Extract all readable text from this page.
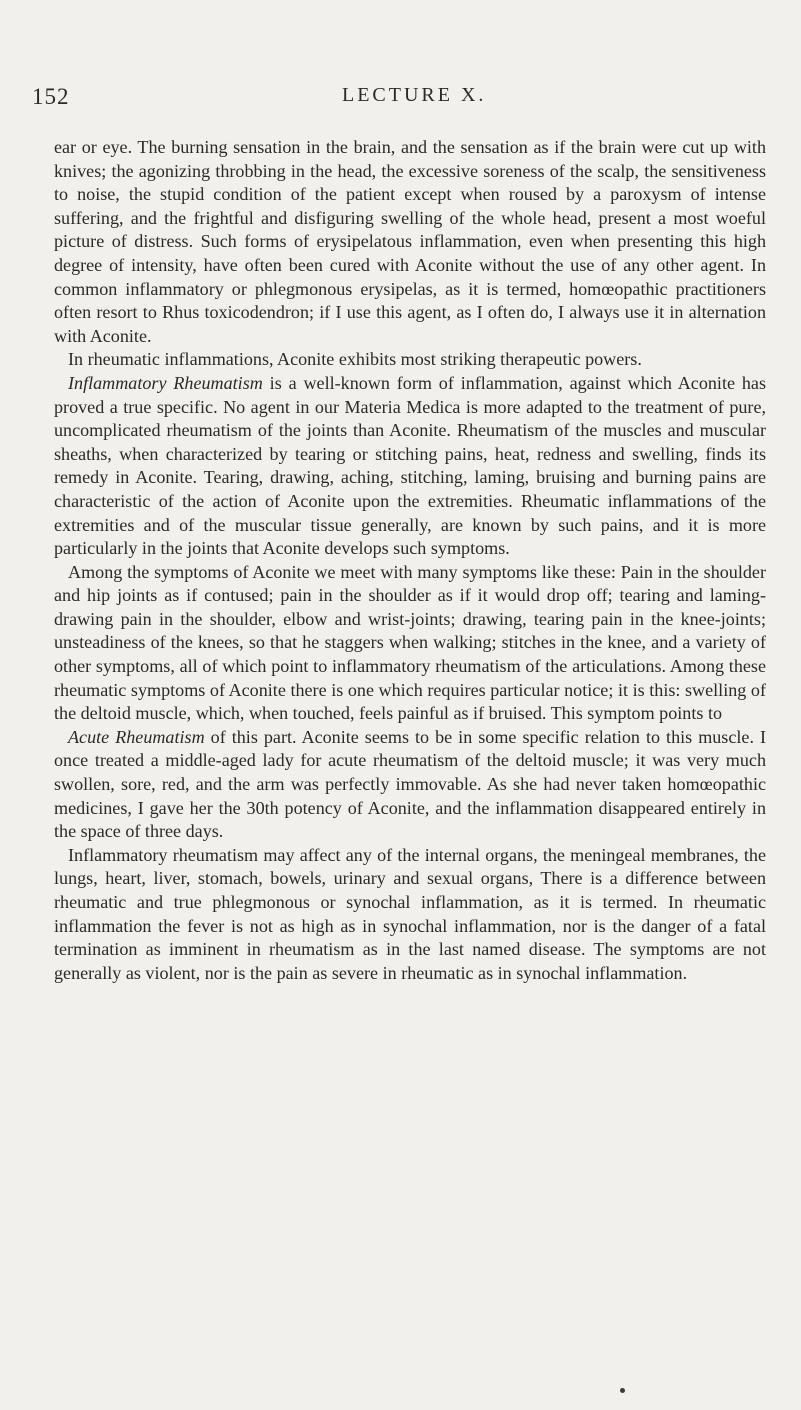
152	LECTURE X.

ear or eye. The burning sensation in the brain, and the sensation as if the brain were cut up with knives; the agonizing throbbing in the head, the excessive soreness of the scalp, the sensitiveness to noise, the stupid condition of the patient except when roused by a paroxysm of intense suffering, and the frightful and disfiguring swelling of the whole head, present a most woeful picture of distress. Such forms of erysipelatous inflammation, even when presenting this high degree of intensity, have often been cured with Aconite without the use of any other agent. In common inflammatory or phlegmonous erysipelas, as it is termed, homœopathic practitioners often resort to Rhus toxicodendron; if I use this agent, as I often do, I always use it in alternation with Aconite.

In rheumatic inflammations, Aconite exhibits most striking therapeutic powers.

Inflammatory Rheumatism is a well-known form of inflammation, against which Aconite has proved a true specific. No agent in our Materia Medica is more adapted to the treatment of pure, uncomplicated rheumatism of the joints than Aconite. Rheumatism of the muscles and muscular sheaths, when characterized by tearing or stitching pains, heat, redness and swelling, finds its remedy in Aconite. Tearing, drawing, aching, stitching, laming, bruising and burning pains are characteristic of the action of Aconite upon the extremities. Rheumatic inflammations of the extremities and of the muscular tissue generally, are known by such pains, and it is more particularly in the joints that Aconite develops such symptoms.

Among the symptoms of Aconite we meet with many symptoms like these: Pain in the shoulder and hip joints as if contused; pain in the shoulder as if it would drop off; tearing and laming-drawing pain in the shoulder, elbow and wrist-joints; drawing, tearing pain in the knee-joints; unsteadiness of the knees, so that he staggers when walking; stitches in the knee, and a variety of other symptoms, all of which point to inflammatory rheumatism of the articulations. Among these rheumatic symptoms of Aconite there is one which requires particular notice; it is this: swelling of the deltoid muscle, which, when touched, feels painful as if bruised. This symptom points to

Acute Rheumatism of this part. Aconite seems to be in some specific relation to this muscle. I once treated a middle-aged lady for acute rheumatism of the deltoid muscle; it was very much swollen, sore, red, and the arm was perfectly immovable. As she had never taken homœopathic medicines, I gave her the 30th potency of Aconite, and the inflammation disappeared entirely in the space of three days.

Inflammatory rheumatism may affect any of the internal organs, the meningeal membranes, the lungs, heart, liver, stomach, bowels, urinary and sexual organs, There is a difference between rheumatic and true phlegmonous or synochal inflammation, as it is termed. In rheumatic inflammation the fever is not as high as in synochal inflammation, nor is the danger of a fatal termination as imminent in rheumatism as in the last named disease. The symptoms are not generally as violent, nor is the pain as severe in rheumatic as in synochal inflammation.
